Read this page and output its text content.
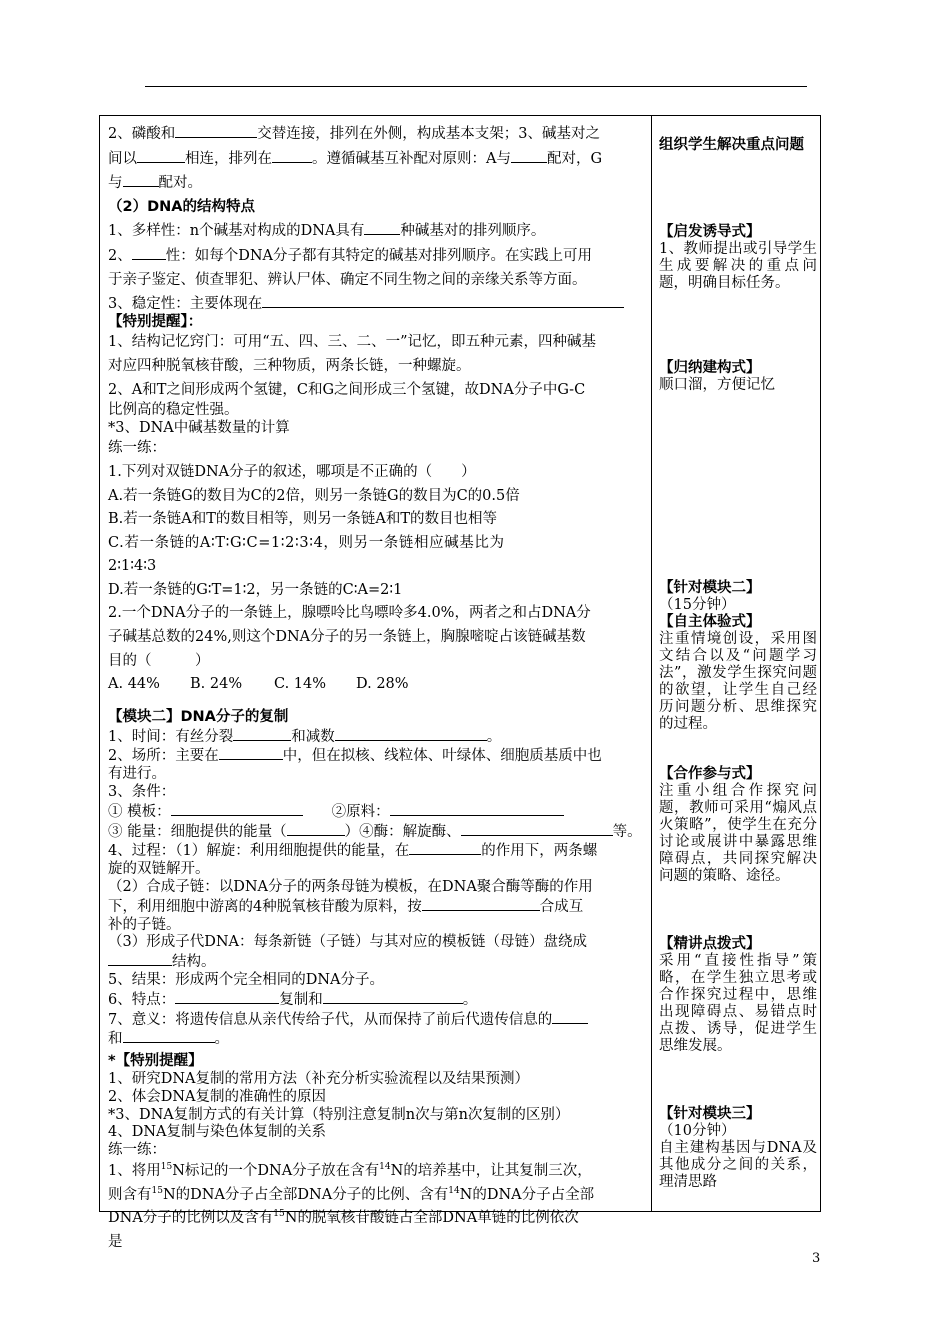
2、磷酸和	交替连接，排列在外侧，构成基本支架；3、碱基对之

间以	相连，排列在	。遵循碱基互补配对原则：A与 配对，G

与 配对。

（2）DNA的结构特点

1、多样性：n个碱基对构成的DNA具有 种碱基对的排列顺序。

2、 性：如每个DNA分子都有其特定的碱基对排列顺序。在实践上可用

于亲子鉴定、侦查罪犯、辨认尸体、确定不同生物之间的亲缘关系等方面。

3、稳定性：主要体现在

【特别提醒】：

1、结构记忆窍门：可用“五、四、三、二、一”记忆，即五种元素，四种碱基

对应四种脱氧核苷酸，三种物质，两条长链，一种螺旋。

2、A和T之间形成两个氢键，C和G之间形成三个氢键，故DNA分子中G-C

比例高的稳定性强。

*3、DNA中碱基数量的计算

练一练：

1.下列对双链DNA分子的叙述，哪项是不正确的（　　）

A.若一条链G的数目为C的2倍，则另一条链G的数目为C的0.5倍

B.若一条链A和T的数目相等，则另一条链A和T的数目也相等

C.若一条链的A∶T∶G∶C=1∶2∶3∶4，则另一条链相应碱基比为

2∶1∶4∶3

D.若一条链的G∶T=1∶2，另一条链的C∶A=2∶1

2.一个DNA分子的一条链上，腺嘌呤比鸟嘌呤多4.0%，两者之和占DNA分

子碱基总数的24%,则这个DNA分子的另一条链上，胸腺嘧啶占该链碱基数

目的（　　　）

A. 44% B. 24% C. 14% D. 28%

【模块二】DNA分子的复制

1、时间：有丝分裂	和减数	。

2、场所：主要在	中，但在拟核、线粒体、叶绿体、细胞质基质中也

有进行。

3、条件：

① 模板：　　	②原料：

③ 能量：细胞提供的能量（	）④酶：解旋酶、	等。

4、过程：（1）解旋：利用细胞提供的能量，在	的作用下，两条螺

旋的双链解开。

（2）合成子链：以DNA分子的两条母链为模板，在DNA聚合酶等酶的作用

下，利用细胞中游离的4种脱氧核苷酸为原料，按	合成互

补的子链。

（3）形成子代DNA：每条新链（子链）与其对应的模板链（母链）盘绕成

结构。

5、结果：形成两个完全相同的DNA分子。

6、特点：	复制和	。

7、意义：将遗传信息从亲代传给子代，从而保持了前后代遗传信息的

和	。

*【特别提醒】

1、研究DNA复制的常用方法（补充分析实验流程以及结果预测）

2、体会DNA复制的准确性的原因

*3、DNA复制方式的有关计算（特别注意复制n次与第n次复制的区别）

4、DNA复制与染色体复制的关系

练一练：

1、将用$^{15}$N标记的一个DNA分子放在含有$^{14}$N的培养基中，让其复制三次，

则含有$^{15}$N的DNA分子占全部DNA分子的比例、含有$^{14}$N的DNA分子占全部

DNA分子的比例以及含有$^{15}$N的脱氧核苷酸链占全部DNA单链的比例依次

是

组织学生解决重点问题

【启发诱导式】

1、教师提出或引导学生生成要解决的重点问题，明确目标任务。

【归纳建构式】

顺口溜，方便记忆

【针对模块二】

（15分钟）

【自主体验式】

注重情境创设，采用图文结合以及“问题学习法”，激发学生探究问题的欲望，让学生自己经历问题分析、思维探究的过程。

【合作参与式】

注重小组合作探究问题，教师可采用“煽风点火策略”，使学生在充分讨论或展讲中暴露思维障碍点，共同探究解决问题的策略、途径。

【精讲点拨式】

采用“直接性指导”策略，在学生独立思考或合作探究过程中，思维出现障碍点、易错点时点拨、诱导，促进学生思维发展。

【针对模块三】

（10分钟）

自主建构基因与DNA及其他成分之间的关系，理清思路

3
